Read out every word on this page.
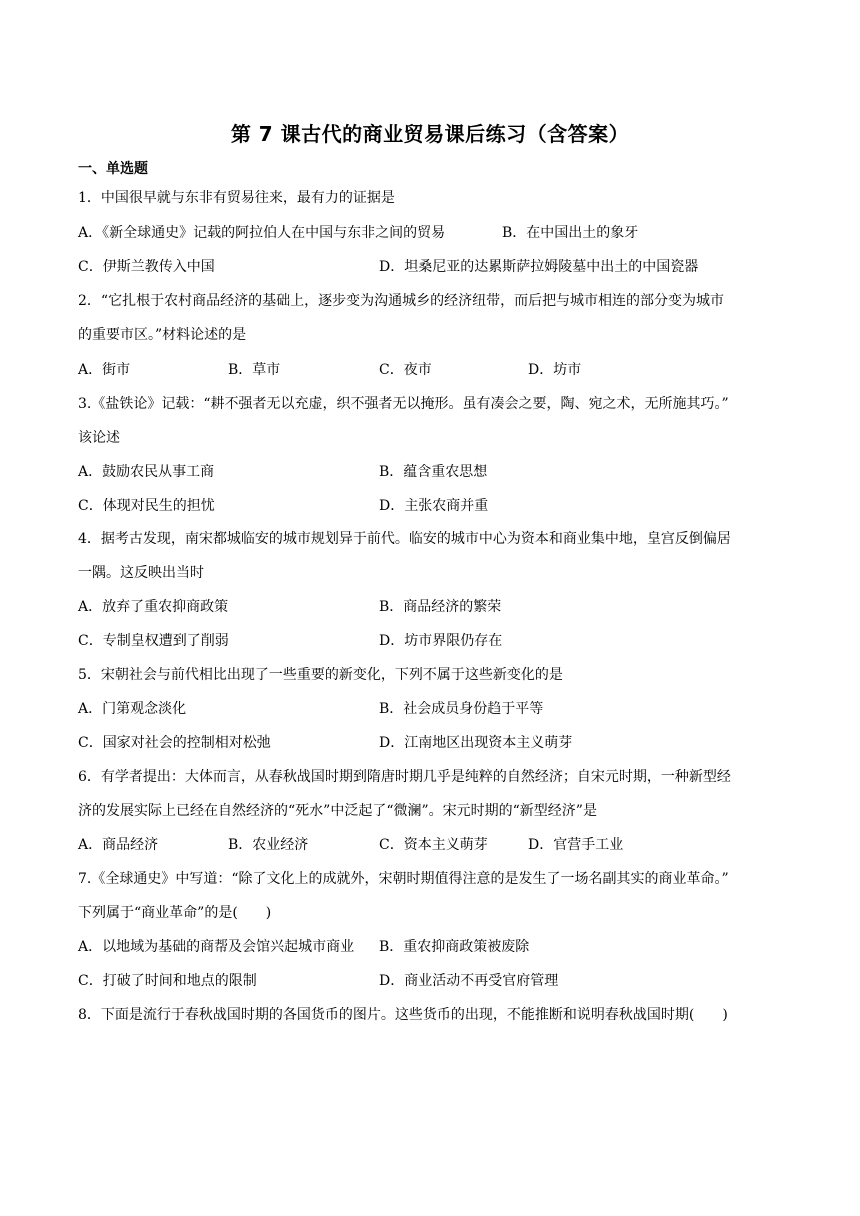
第 7 课古代的商业贸易课后练习（含答案）
一、单选题
1．中国很早就与东非有贸易往来，最有力的证据是
A．《新全球通史》记载的阿拉伯人在中国与东非之间的贸易	B．在中国出土的象牙
C．伊斯兰教传入中国	D．坦桑尼亚的达累斯萨拉姆陵墓中出土的中国瓷器
2．“它扎根于农村商品经济的基础上，逐步变为沟通城乡的经济纽带，而后把与城市相连的部分变为城市
的重要市区。”材料论述的是
A．街市	B．草市	C．夜市	D．坊市
3.《盐铁论》记载：“耕不强者无以充虚，织不强者无以掩形。虽有凑会之要，陶、宛之术，无所施其巧。”
该论述
A．鼓励农民从事工商	B．蕴含重农思想
C．体现对民生的担忧	D．主张农商并重
4．据考古发现，南宋都城临安的城市规划异于前代。临安的城市中心为资本和商业集中地，皇宫反倒偏居
一隅。这反映出当时
A．放弃了重农抑商政策	B．商品经济的繁荣
C．专制皇权遭到了削弱	D．坊市界限仍存在
5．宋朝社会与前代相比出现了一些重要的新变化，下列不属于这些新变化的是
A．门第观念淡化	B．社会成员身份趋于平等
C．国家对社会的控制相对松弛	D．江南地区出现资本主义萌芽
6．有学者提出：大体而言，从春秋战国时期到隋唐时期几乎是纯粹的自然经济；自宋元时期，一种新型经
济的发展实际上已经在自然经济的“死水”中泛起了“微澜”。宋元时期的“新型经济”是
A．商品经济	B．农业经济	C．资本主义萌芽	D．官营手工业
7.《全球通史》中写道：“除了文化上的成就外，宋朝时期值得注意的是发生了一场名副其实的商业革命。”
下列属于“商业革命”的是(　　)
A．以地域为基础的商帮及会馆兴起城市商业 B．重农抑商政策被废除
C．打破了时间和地点的限制	D．商业活动不再受官府管理
8．下面是流行于春秋战国时期的各国货币的图片。这些货币的出现，不能推断和说明春秋战国时期(　　)
